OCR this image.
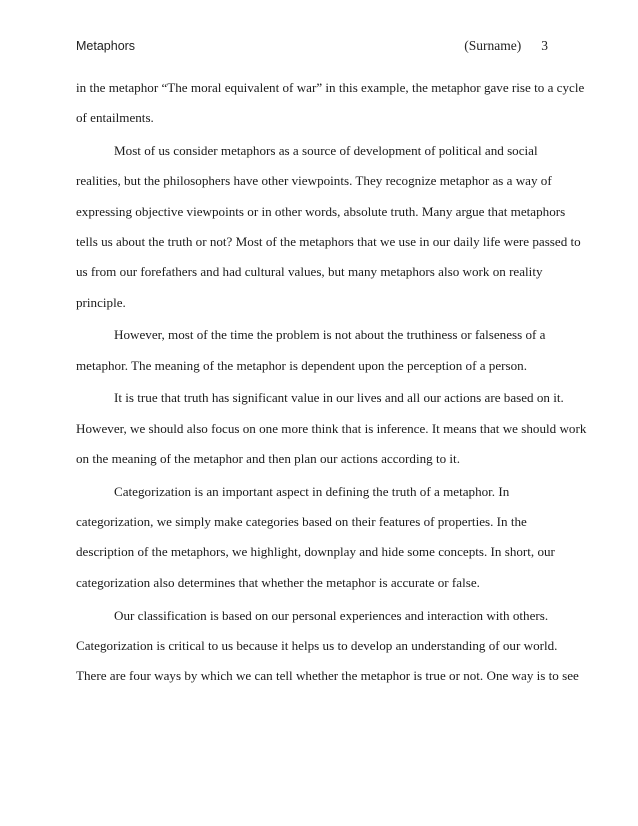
Metaphors	(Surname) 3
in the metaphor “The moral equivalent of war” in this example, the metaphor gave rise to a cycle
of entailments.
Most of us consider metaphors as a source of development of political and social
realities, but the philosophers have other viewpoints. They recognize metaphor as a way of
expressing objective viewpoints or in other words, absolute truth. Many argue that metaphors
tells us about the truth or not? Most of the metaphors that we use in our daily life were passed to
us from our forefathers and had cultural values, but many metaphors also work on reality
principle.
However, most of the time the problem is not about the truthiness or falseness of a
metaphor. The meaning of the metaphor is dependent upon the perception of a person.
It is true that truth has significant value in our lives and all our actions are based on it.
However, we should also focus on one more think that is inference. It means that we should work
on the meaning of the metaphor and then plan our actions according to it.
Categorization is an important aspect in defining the truth of a metaphor. In
categorization, we simply make categories based on their features of properties. In the
description of the metaphors, we highlight, downplay and hide some concepts. In short, our
categorization also determines that whether the metaphor is accurate or false.
Our classification is based on our personal experiences and interaction with others.
Categorization is critical to us because it helps us to develop an understanding of our world.
There are four ways by which we can tell whether the metaphor is true or not. One way is to see
